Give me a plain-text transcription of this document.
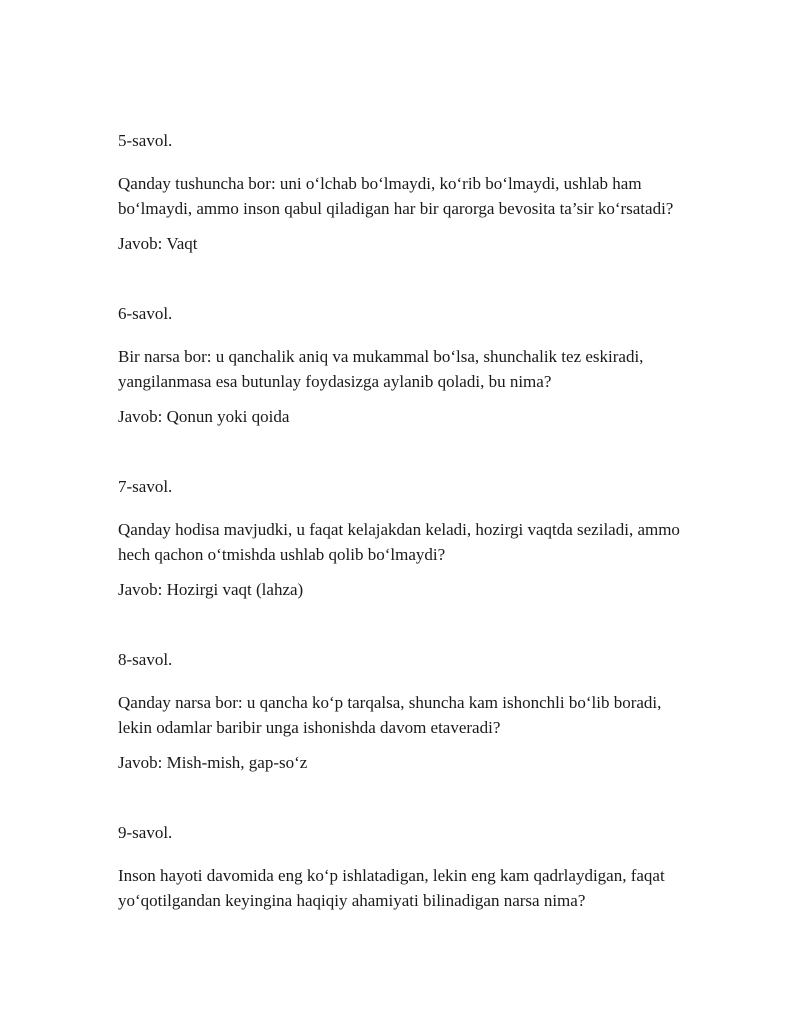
5-savol.

Qanday tushuncha bor: uni o‘lchab bo‘lmaydi, ko‘rib bo‘lmaydi, ushlab ham bo‘lmaydi, ammo inson qabul qiladigan har bir qarorga bevosita ta’sir ko‘rsatadi?

Javob: Vaqt

6-savol.

Bir narsa bor: u qanchalik aniq va mukammal bo‘lsa, shunchalik tez eskiradi, yangilanmasa esa butunlay foydasizga aylanib qoladi, bu nima?

Javob: Qonun yoki qoida

7-savol.

Qanday hodisa mavjudki, u faqat kelajakdan keladi, hozirgi vaqtda seziladi, ammo hech qachon o‘tmishda ushlab qolib bo‘lmaydi?

Javob: Hozirgi vaqt (lahza)

8-savol.

Qanday narsa bor: u qancha ko‘p tarqalsa, shuncha kam ishonchli bo‘lib boradi, lekin odamlar baribir unga ishonishda davom etaveradi?

Javob: Mish-mish, gap-so‘z

9-savol.

Inson hayoti davomida eng ko‘p ishlatadigan, lekin eng kam qadrlaydigan, faqat yo‘qotilgandan keyingina haqiqiy ahamiyati bilinadigan narsa nima?
